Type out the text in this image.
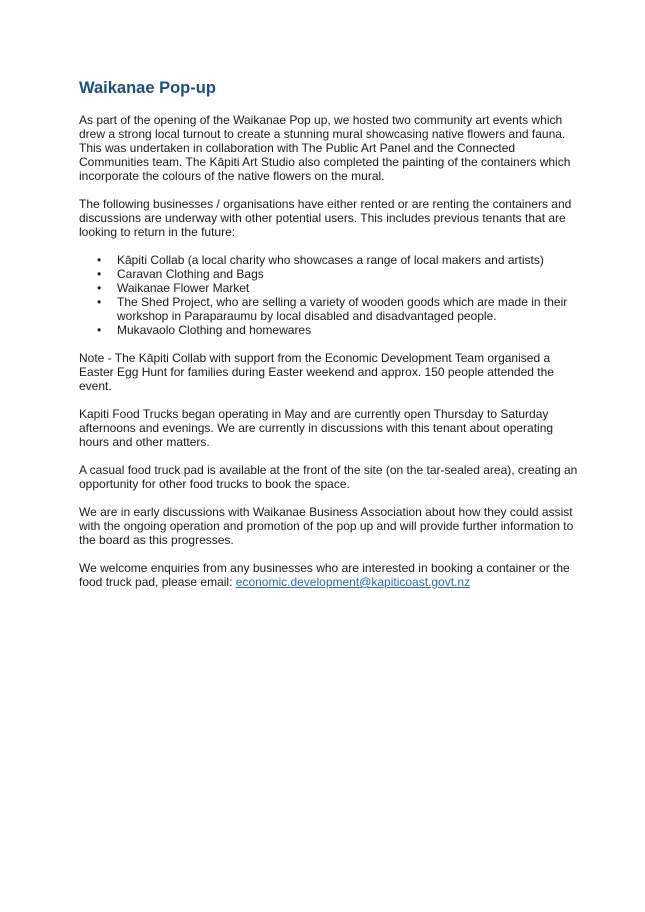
Waikanae Pop-up

As part of the opening of the Waikanae Pop up, we hosted two community art events which drew a strong local turnout to create a stunning mural showcasing native flowers and fauna. This was undertaken in collaboration with The Public Art Panel and the Connected Communities team. The Kāpiti Art Studio also completed the painting of the containers which incorporate the colours of the native flowers on the mural.

The following businesses / organisations have either rented or are renting the containers and discussions are underway with other potential users. This includes previous tenants that are looking to return in the future:

• Kāpiti Collab (a local charity who showcases a range of local makers and artists)
• Caravan Clothing and Bags
• Waikanae Flower Market
• The Shed Project, who are selling a variety of wooden goods which are made in their workshop in Paraparaumu by local disabled and disadvantaged people.
• Mukavaolo Clothing and homewares

Note - The Kāpiti Collab with support from the Economic Development Team organised a Easter Egg Hunt for families during Easter weekend and approx. 150 people attended the event.

Kapiti Food Trucks began operating in May and are currently open Thursday to Saturday afternoons and evenings. We are currently in discussions with this tenant about operating hours and other matters.

A casual food truck pad is available at the front of the site (on the tar-sealed area), creating an opportunity for other food trucks to book the space.

We are in early discussions with Waikanae Business Association about how they could assist with the ongoing operation and promotion of the pop up and will provide further information to the board as this progresses.

We welcome enquiries from any businesses who are interested in booking a container or the food truck pad, please email: economic.development@kapiticoast.govt.nz
